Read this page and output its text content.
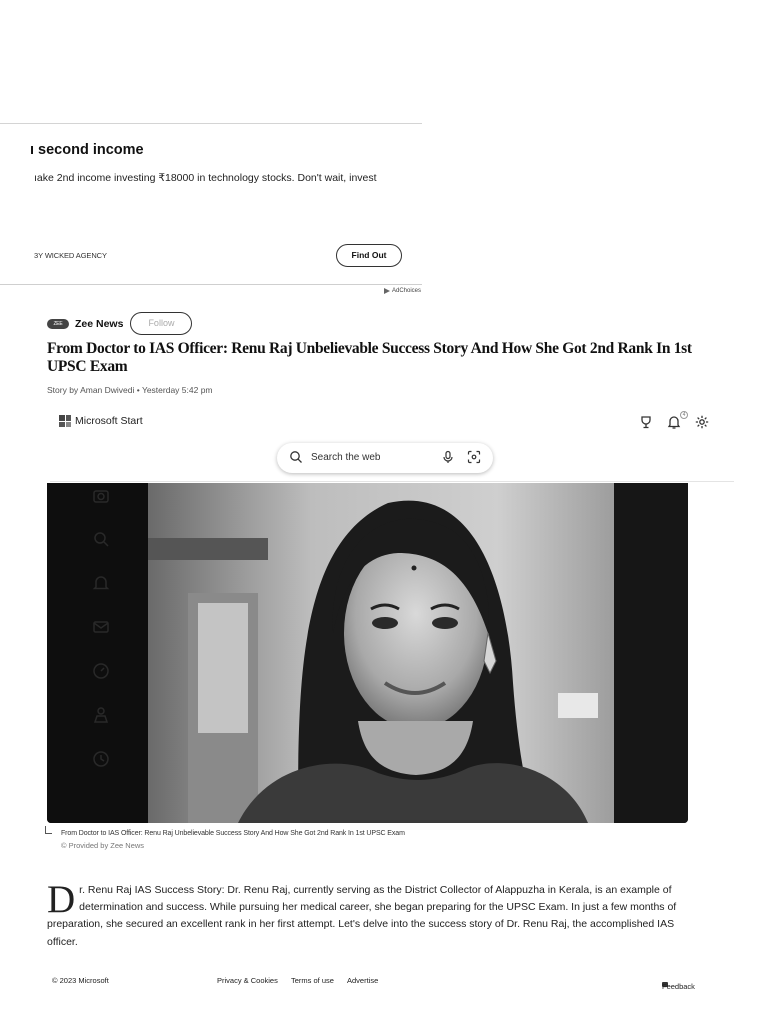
ı second income
ıake 2nd income investing ₹18000 in technology stocks. Don't wait, invest
3Y WICKED AGENCY	Find Out
AdChoices
ZEE NEWS
Zee News	Follow
From Doctor to IAS Officer: Renu Raj Unbelievable Success Story And How She Got 2nd Rank In 1st UPSC Exam
Story by Aman Dwivedi • Yesterday 5:42 pm
Microsoft Start	4
Search the web
From Doctor to IAS Officer: Renu Raj Unbelievable Success Story And How She Got 2nd Rank In 1st UPSC Exam
© Provided by Zee News
D r. Renu Raj IAS Success Story: Dr. Renu Raj, currently serving as the District Collector of Alappuzha in Kerala, is an example of determination and success. While pursuing her medical career, she began preparing for the UPSC Exam. In just a few months of preparation, she secured an excellent rank in her first attempt. Let's delve into the success story of Dr. Renu Raj, the accomplished IAS officer.
© 2023 Microsoft	Privacy & Cookies Terms of use Advertise
Feedback
